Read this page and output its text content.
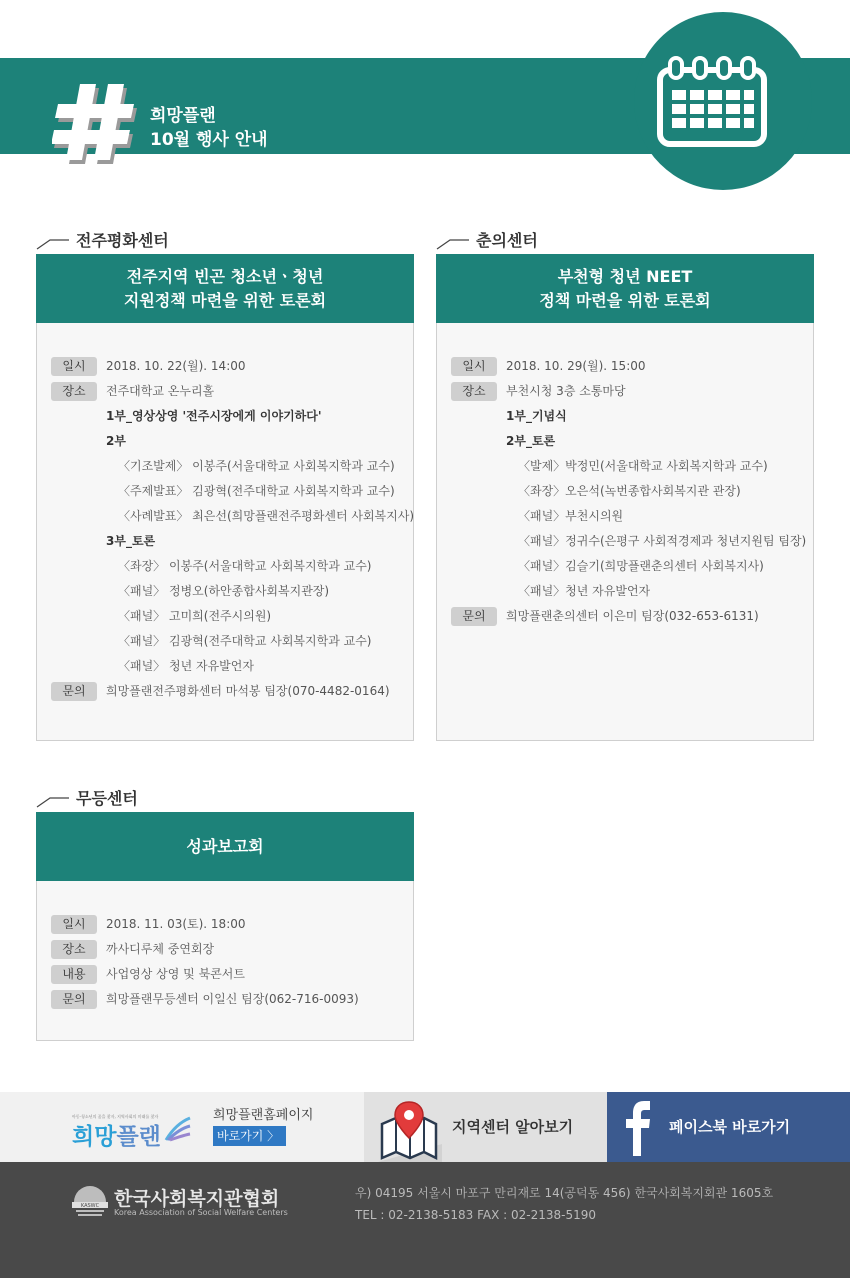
희망플랜
10월 행사 안내
전주평화센터
전주지역 빈곤 청소년ㆍ청년
지원정책 마련을 위한 토론회
일시	2018. 10. 22(월). 14:00
장소	전주대학교 온누리홀
1부_영상상영 '전주시장에게 이야기하다'
2부
〈기조발제〉 이봉주(서울대학교 사회복지학과 교수)
〈주제발표〉 김광혁(전주대학교 사회복지학과 교수)
〈사례발표〉 최은선(희망플랜전주평화센터 사회복지사)
3부_토론
〈좌장〉 이봉주(서울대학교 사회복지학과 교수)
〈패널〉 정병오(하안종합사회복지관장)
〈패널〉 고미희(전주시의원)
〈패널〉 김광혁(전주대학교 사회복지학과 교수)
〈패널〉 청년 자유발언자
문의	희망플랜전주평화센터 마석봉 팀장(070-4482-0164)
춘의센터
부천형 청년 NEET
정책 마련을 위한 토론회
일시	2018. 10. 29(월). 15:00
장소	부천시청 3층 소통마당
1부_기념식
2부_토론
〈발제〉박정민(서울대학교 사회복지학과 교수)
〈좌장〉오은석(녹번종합사회복지관 관장)
〈패널〉부천시의원
〈패널〉정귀수(은평구 사회적경제과 청년지원팀 팀장)
〈패널〉김슬기(희망플랜춘의센터 사회복지사)
〈패널〉청년 자유발언자
문의	희망플랜춘의센터 이은미 팀장(032-653-6131)
무등센터
성과보고회
일시	2018. 11. 03(토). 18:00
장소	까사디루체 중연회장
내용	사업영상 상영 및 북콘서트
문의	희망플랜무등센터 이일신 팀장(062-716-0093)
아동·청소년의 꿈을 찾자, 지역사회의 미래를 찾자
희망플랜
희망플랜홈페이지
바로가기 〉	지역센터 알아보기	페이스북 바로가기
KASWC 한국사회복지관협회
Korea Association of Social Welfare Centers
우) 04195 서울시 마포구 만리재로 14(공덕동 456) 한국사회복지회관 1605호
TEL : 02-2138-5183 FAX : 02-2138-5190
